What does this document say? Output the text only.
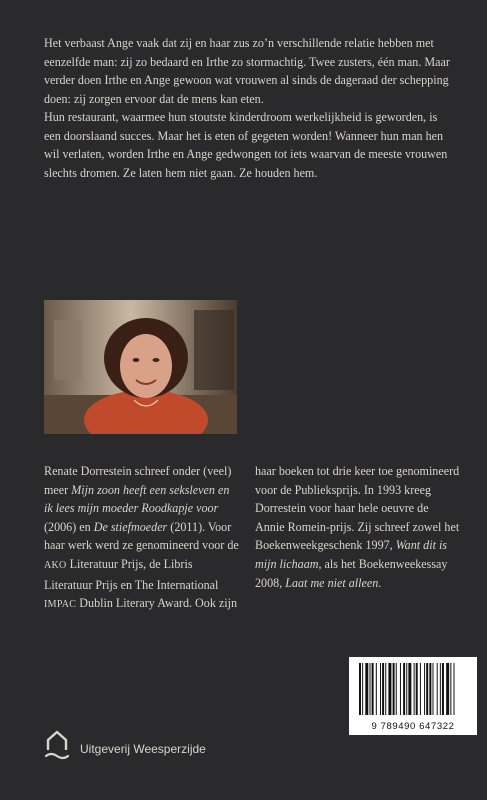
Het verbaast Ange vaak dat zij en haar zus zo’n verschillende relatie hebben met eenzelfde man: zij zo bedaard en Irthe zo stormachtig. Twee zusters, één man. Maar verder doen Irthe en Ange gewoon wat vrouwen al sinds de dageraad der schepping doen: zij zorgen ervoor dat de mens kan eten.

Hun restaurant, waarmee hun stoutste kinderdroom werkelijkheid is geworden, is een doorslaand succes. Maar het is eten of gegeten worden! Wanneer hun man hen wil verlaten, worden Irthe en Ange gedwongen tot iets waarvan de meeste vrouwen slechts dromen. Ze laten hem niet gaan. Ze houden hem.

Renate Dorrestein schreef onder (veel) meer Mijn zoon heeft een seksleven en ik lees mijn moeder Roodkapje voor (2006) en De stiefmoeder (2011). Voor haar werk werd ze genomineerd voor de AKO Literatuur Prijs, de Libris Literatuur Prijs en The International IMPAC Dublin Literary Award. Ook zijn
haar boeken tot drie keer toe genomineerd voor de Publieksprijs. In 1993 kreeg Dorrestein voor haar hele oeuvre de Annie Romein-prijs. Zij schreef zowel het Boekenweekgeschenk 1997, Want dit is mijn lichaam, als het Boekenweekessay 2008, Laat me niet alleen.
Uitgeverij Weesperzijde
9 789490 647322
